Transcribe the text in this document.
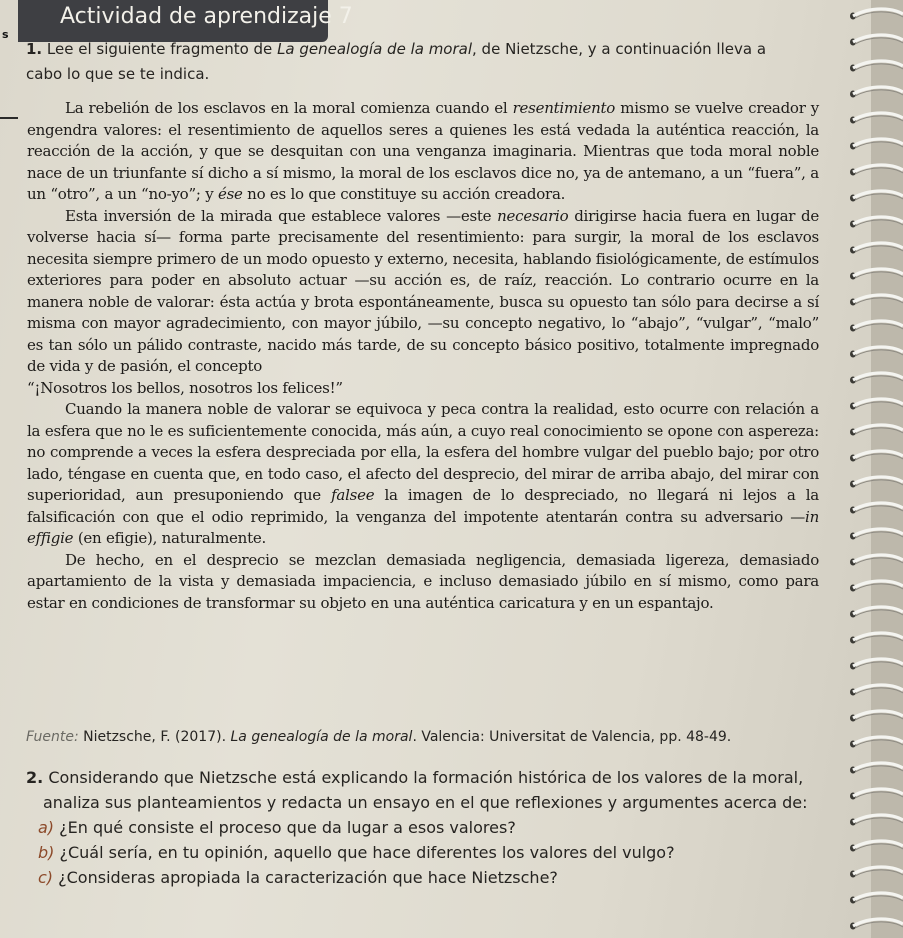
s
Actividad de aprendizaje 7
1. Lee el siguiente fragmento de La genealogía de la moral, de Nietzsche, y a continuación lleva a cabo lo que se te indica.

La rebelión de los esclavos en la moral comienza cuando el resentimiento mismo se vuelve creador y engendra valores: el resentimiento de aquellos seres a quienes les está vedada la auténtica reacción, la reacción de la acción, y que se desquitan con una venganza imaginaria. Mientras que toda moral noble nace de un triunfante sí dicho a sí mismo, la moral de los esclavos dice no, ya de antemano, a un “fuera”, a un “otro”, a un “no-yo”; y ése no es lo que constituye su acción creadora.

Esta inversión de la mirada que establece valores —este necesario dirigirse hacia fuera en lugar de volverse hacia sí— forma parte precisamente del resentimiento: para surgir, la moral de los esclavos necesita siempre primero de un modo opuesto y externo, necesita, hablando fisiológicamente, de estímulos exteriores para poder en absoluto actuar —su acción es, de raíz, reacción. Lo contrario ocurre en la manera noble de valorar: ésta actúa y brota espontáneamente, busca su opuesto tan sólo para decirse a sí misma con mayor agradecimiento, con mayor júbilo, —su concepto negativo, lo “abajo”, “vulgar”, “malo” es tan sólo un pálido contraste, nacido más tarde, de su concepto básico positivo, totalmente impregnado de vida y de pasión, el concepto

“¡Nosotros los bellos, nosotros los felices!”

Cuando la manera noble de valorar se equivoca y peca contra la realidad, esto ocurre con relación a la esfera que no le es suficientemente conocida, más aún, a cuyo real conocimiento se opone con aspereza: no comprende a veces la esfera despreciada por ella, la esfera del hombre vulgar del pueblo bajo; por otro lado, téngase en cuenta que, en todo caso, el afecto del desprecio, del mirar de arriba abajo, del mirar con superioridad, aun presuponiendo que falsee la imagen de lo despreciado, no llegará ni lejos a la falsificación con que el odio reprimido, la venganza del impotente atentarán contra su adversario —in effigie (en efigie), naturalmente.

De hecho, en el desprecio se mezclan demasiada negligencia, demasiada ligereza, demasiado apartamiento de la vista y demasiada impaciencia, e incluso demasiado júbilo en sí mismo, como para estar en condiciones de transformar su objeto en una auténtica caricatura y en un espantajo.

Fuente: Nietzsche, F. (2017). La genealogía de la moral. Valencia: Universitat de Valencia, pp. 48-49.
2. Considerando que Nietzsche está explicando la formación histórica de los valores de la moral,
analiza sus planteamientos y redacta un ensayo en el que reflexiones y argumentes acerca de:
a) ¿En qué consiste el proceso que da lugar a esos valores?
b) ¿Cuál sería, en tu opinión, aquello que hace diferentes los valores del vulgo?
c) ¿Consideras apropiada la caracterización que hace Nietzsche?
